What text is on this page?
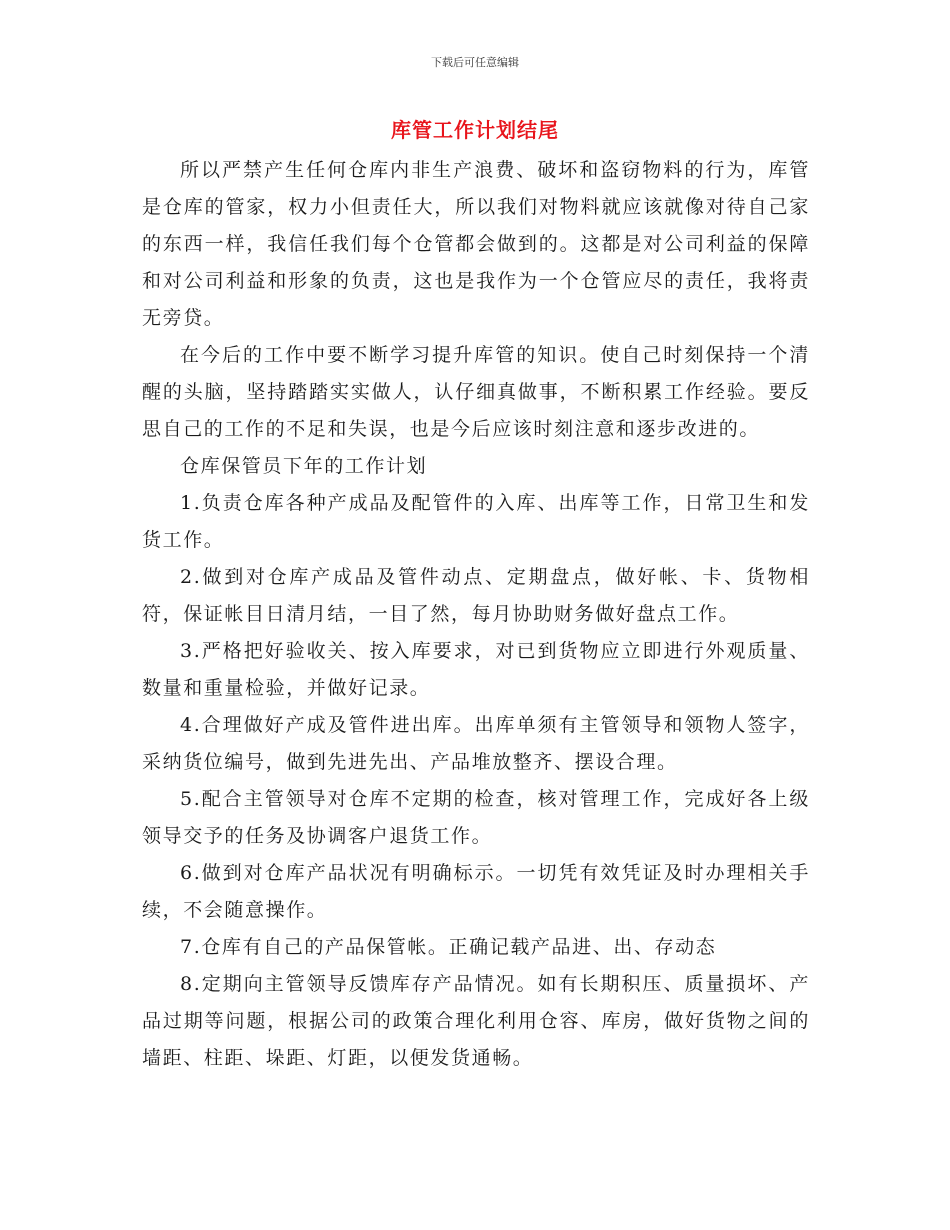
下载后可任意编辑
库管工作计划结尾

所以严禁产生任何仓库内非生产浪费、破坏和盗窃物料的行为，库管是仓库的管家，权力小但责任大，所以我们对物料就应该就像对待自己家的东西一样，我信任我们每个仓管都会做到的。这都是对公司利益的保障和对公司利益和形象的负责，这也是我作为一个仓管应尽的责任，我将责无旁贷。

在今后的工作中要不断学习提升库管的知识。使自己时刻保持一个清醒的头脑，坚持踏踏实实做人，认仔细真做事，不断积累工作经验。要反思自己的工作的不足和失误，也是今后应该时刻注意和逐步改进的。

仓库保管员下年的工作计划

1.负责仓库各种产成品及配管件的入库、出库等工作，日常卫生和发货工作。

2.做到对仓库产成品及管件动点、定期盘点，做好帐、卡、货物相符，保证帐目日清月结，一目了然，每月协助财务做好盘点工作。

3.严格把好验收关、按入库要求，对已到货物应立即进行外观质量、数量和重量检验，并做好记录。

4.合理做好产成及管件进出库。出库单须有主管领导和领物人签字，采纳货位编号，做到先进先出、产品堆放整齐、摆设合理。

5.配合主管领导对仓库不定期的检查，核对管理工作，完成好各上级领导交予的任务及协调客户退货工作。

6.做到对仓库产品状况有明确标示。一切凭有效凭证及时办理相关手续，不会随意操作。

7.仓库有自己的产品保管帐。正确记载产品进、出、存动态

8.定期向主管领导反馈库存产品情况。如有长期积压、质量损坏、产品过期等问题，根据公司的政策合理化利用仓容、库房，做好货物之间的墙距、柱距、垛距、灯距，以便发货通畅。
